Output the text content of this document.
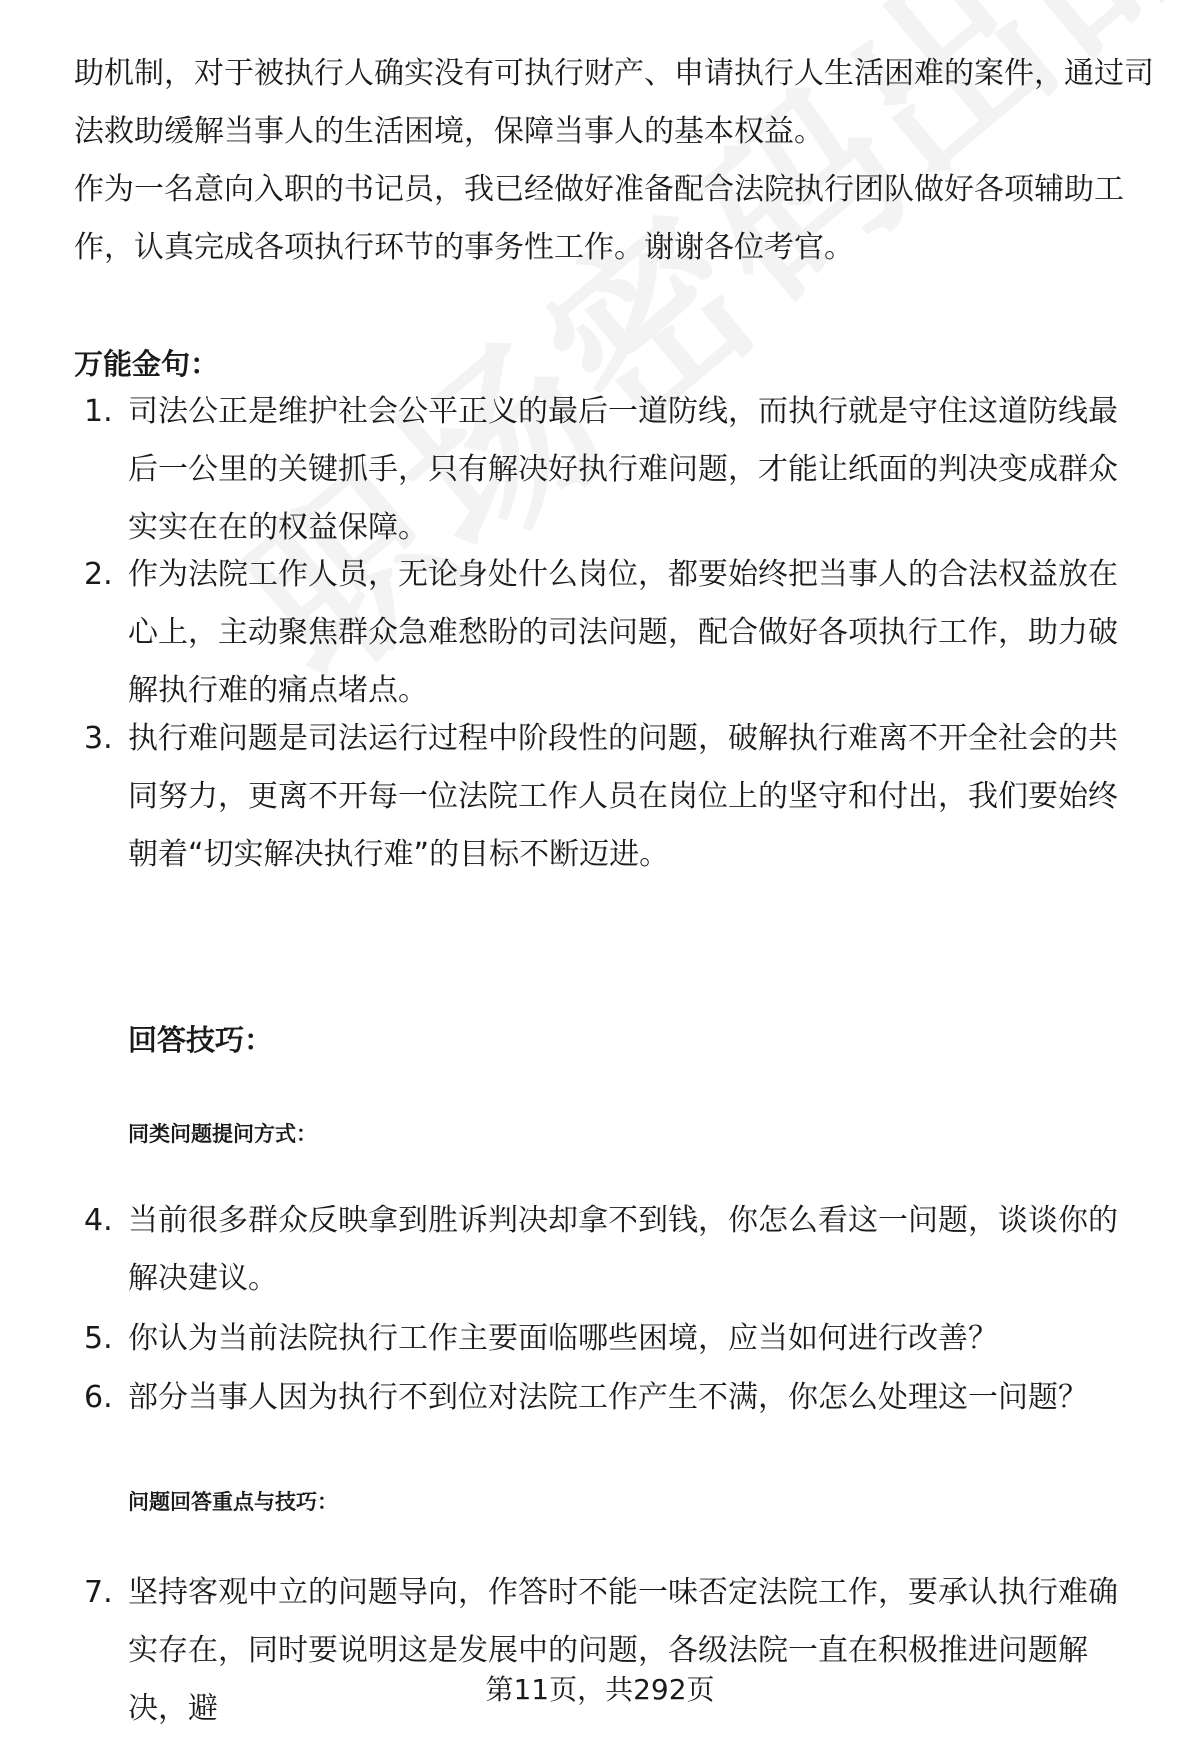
助机制，对于被执行人确实没有可执行财产、申请执行人生活困难的案件，通过司法救助缓解当事人的生活困境，保障当事人的基本权益。

作为一名意向入职的书记员，我已经做好准备配合法院执行团队做好各项辅助工作，认真完成各项执行环节的事务性工作。谢谢各位考官。

万能金句：
1. 司法公正是维护社会公平正义的最后一道防线，而执行就是守住这道防线最后一公里的关键抓手，只有解决好执行难问题，才能让纸面的判决变成群众实实在在的权益保障。
2. 作为法院工作人员，无论身处什么岗位，都要始终把当事人的合法权益放在心上，主动聚焦群众急难愁盼的司法问题，配合做好各项执行工作，助力破解执行难的痛点堵点。
3. 执行难问题是司法运行过程中阶段性的问题，破解执行难离不开全社会的共同努力，更离不开每一位法院工作人员在岗位上的坚守和付出，我们要始终朝着“切实解决执行难”的目标不断迈进。
回答技巧：
同类问题提问方式：
4. 当前很多群众反映拿到胜诉判决却拿不到钱，你怎么看这一问题，谈谈你的解决建议。
5. 你认为当前法院执行工作主要面临哪些困境，应当如何进行改善？
6. 部分当事人因为执行不到位对法院工作产生不满，你怎么处理这一问题？
问题回答重点与技巧：
7. 坚持客观中立的问题导向，作答时不能一味否定法院工作，要承认执行难确实存在，同时要说明这是发展中的问题，各级法院一直在积极推进问题解决，避
第11页，共292页
